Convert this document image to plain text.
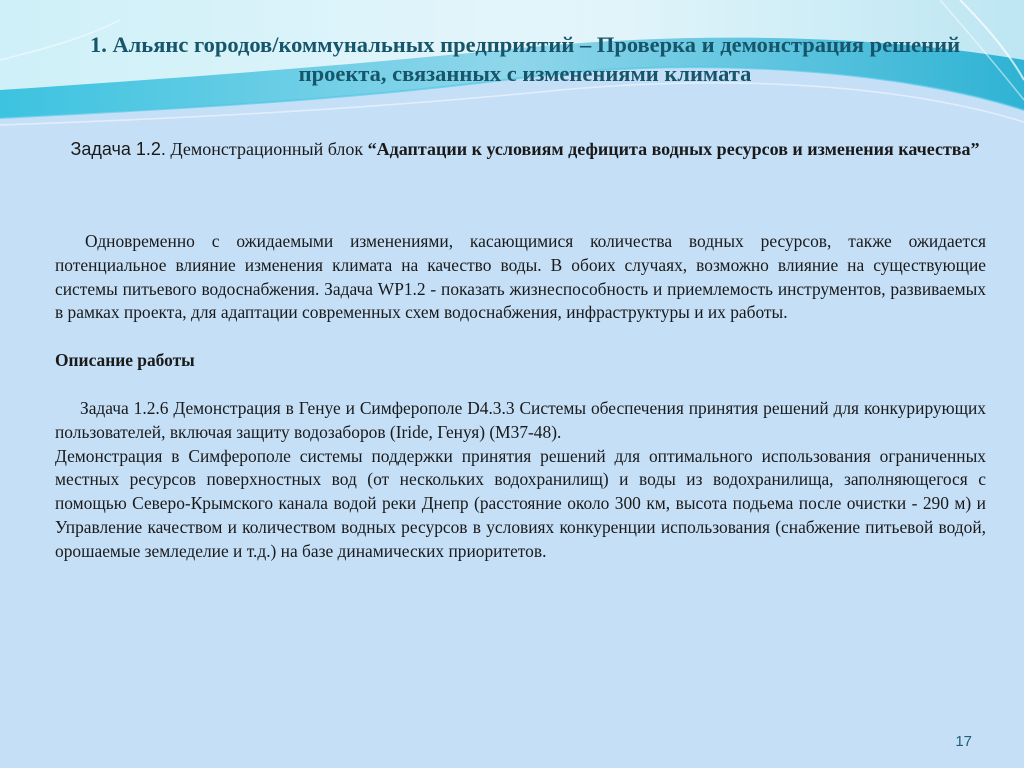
1. Альянс городов/коммунальных предприятий – Проверка и демонстрация решений проекта, связанных с изменениями климата
Задача 1.2. Демонстрационный блок “Адаптации к условиям дефицита водных ресурсов и изменения качества”

Одновременно с ожидаемыми изменениями, касающимися количества водных ресурсов, также ожидается потенциальное влияние изменения климата на качество воды. В обоих случаях, возможно влияние на существующие системы питьевого водоснабжения. Задача WP1.2 - показать жизнеспособность и приемлемость инструментов, развиваемых в рамках проекта, для адаптации современных схем водоснабжения, инфраструктуры и их работы.

Описание работы

Задача 1.2.6 Демонстрация в Генуе и Симферополе D4.3.3 Системы обеспечения принятия решений для конкурирующих пользователей, включая защиту водозаборов (Iride, Генуя) (M37-48).

Демонстрация в Симферополе системы поддержки принятия решений для оптимального использования ограниченных местных ресурсов поверхностных вод (от нескольких водохранилищ) и воды из водохранилища, заполняющегося с помощью Северо-Крымского канала водой реки Днепр (расстояние около 300 км, высота подьема после очистки - 290 м) и Управление качеством и количеством водных ресурсов в условиях конкуренции использования (снабжение питьевой водой, орошаемые земледелие и т.д.) на базе динамических приоритетов.

17
